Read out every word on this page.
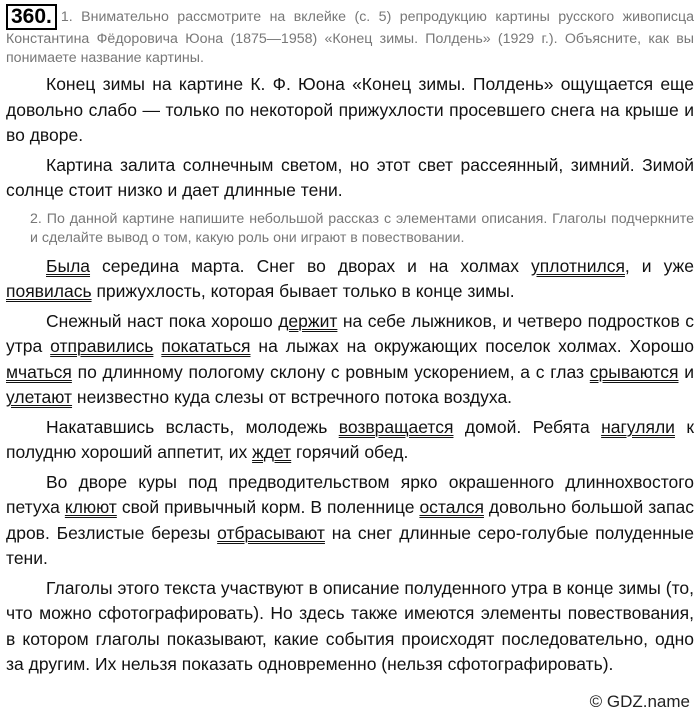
360. 1. Внимательно рассмотрите на вклейке (с. 5) репродукцию картины русского живописца Константина Фёдоровича Юона (1875—1958) «Конец зимы. Полдень» (1929 г.). Объясните, как вы понимаете название картины.

Конец зимы на картине К. Ф. Юона «Конец зимы. Полдень» ощущается еще довольно слабо — только по некоторой прижухлости просевшего снега на крыше и во дворе.

Картина залита солнечным светом, но этот свет рассеянный, зимний. Зимой солнце стоит низко и дает длинные тени.

2. По данной картине напишите небольшой рассказ с элементами описания. Глаголы подчеркните и сделайте вывод о том, какую роль они играют в повествовании.

Была середина марта. Снег во дворах и на холмах уплотнился, и уже появилась прижухлость, которая бывает только в конце зимы.

Снежный наст пока хорошо держит на себе лыжников, и четверо подростков с утра отправились покататься на лыжах на окружающих поселок холмах. Хорошо мчаться по длинному пологому склону с ровным ускорением, а с глаз срываются и улетают неизвестно куда слезы от встречного потока воздуха.

Накатавшись всласть, молодежь возвращается домой. Ребята нагуляли к полудню хороший аппетит, их ждет горячий обед.

Во дворе куры под предводительством ярко окрашенного длиннохвостого петуха клюют свой привычный корм. В поленнице остался довольно большой запас дров. Безлистые березы отбрасывают на снег длинные серо-голубые полуденные тени.

Глаголы этого текста участвуют в описание полуденного утра в конце зимы (то, что можно сфотографировать). Но здесь также имеются элементы повествования, в котором глаголы показывают, какие события происходят последовательно, одно за другим. Их нельзя показать одновременно (нельзя сфотографировать).

© GDZ.name
